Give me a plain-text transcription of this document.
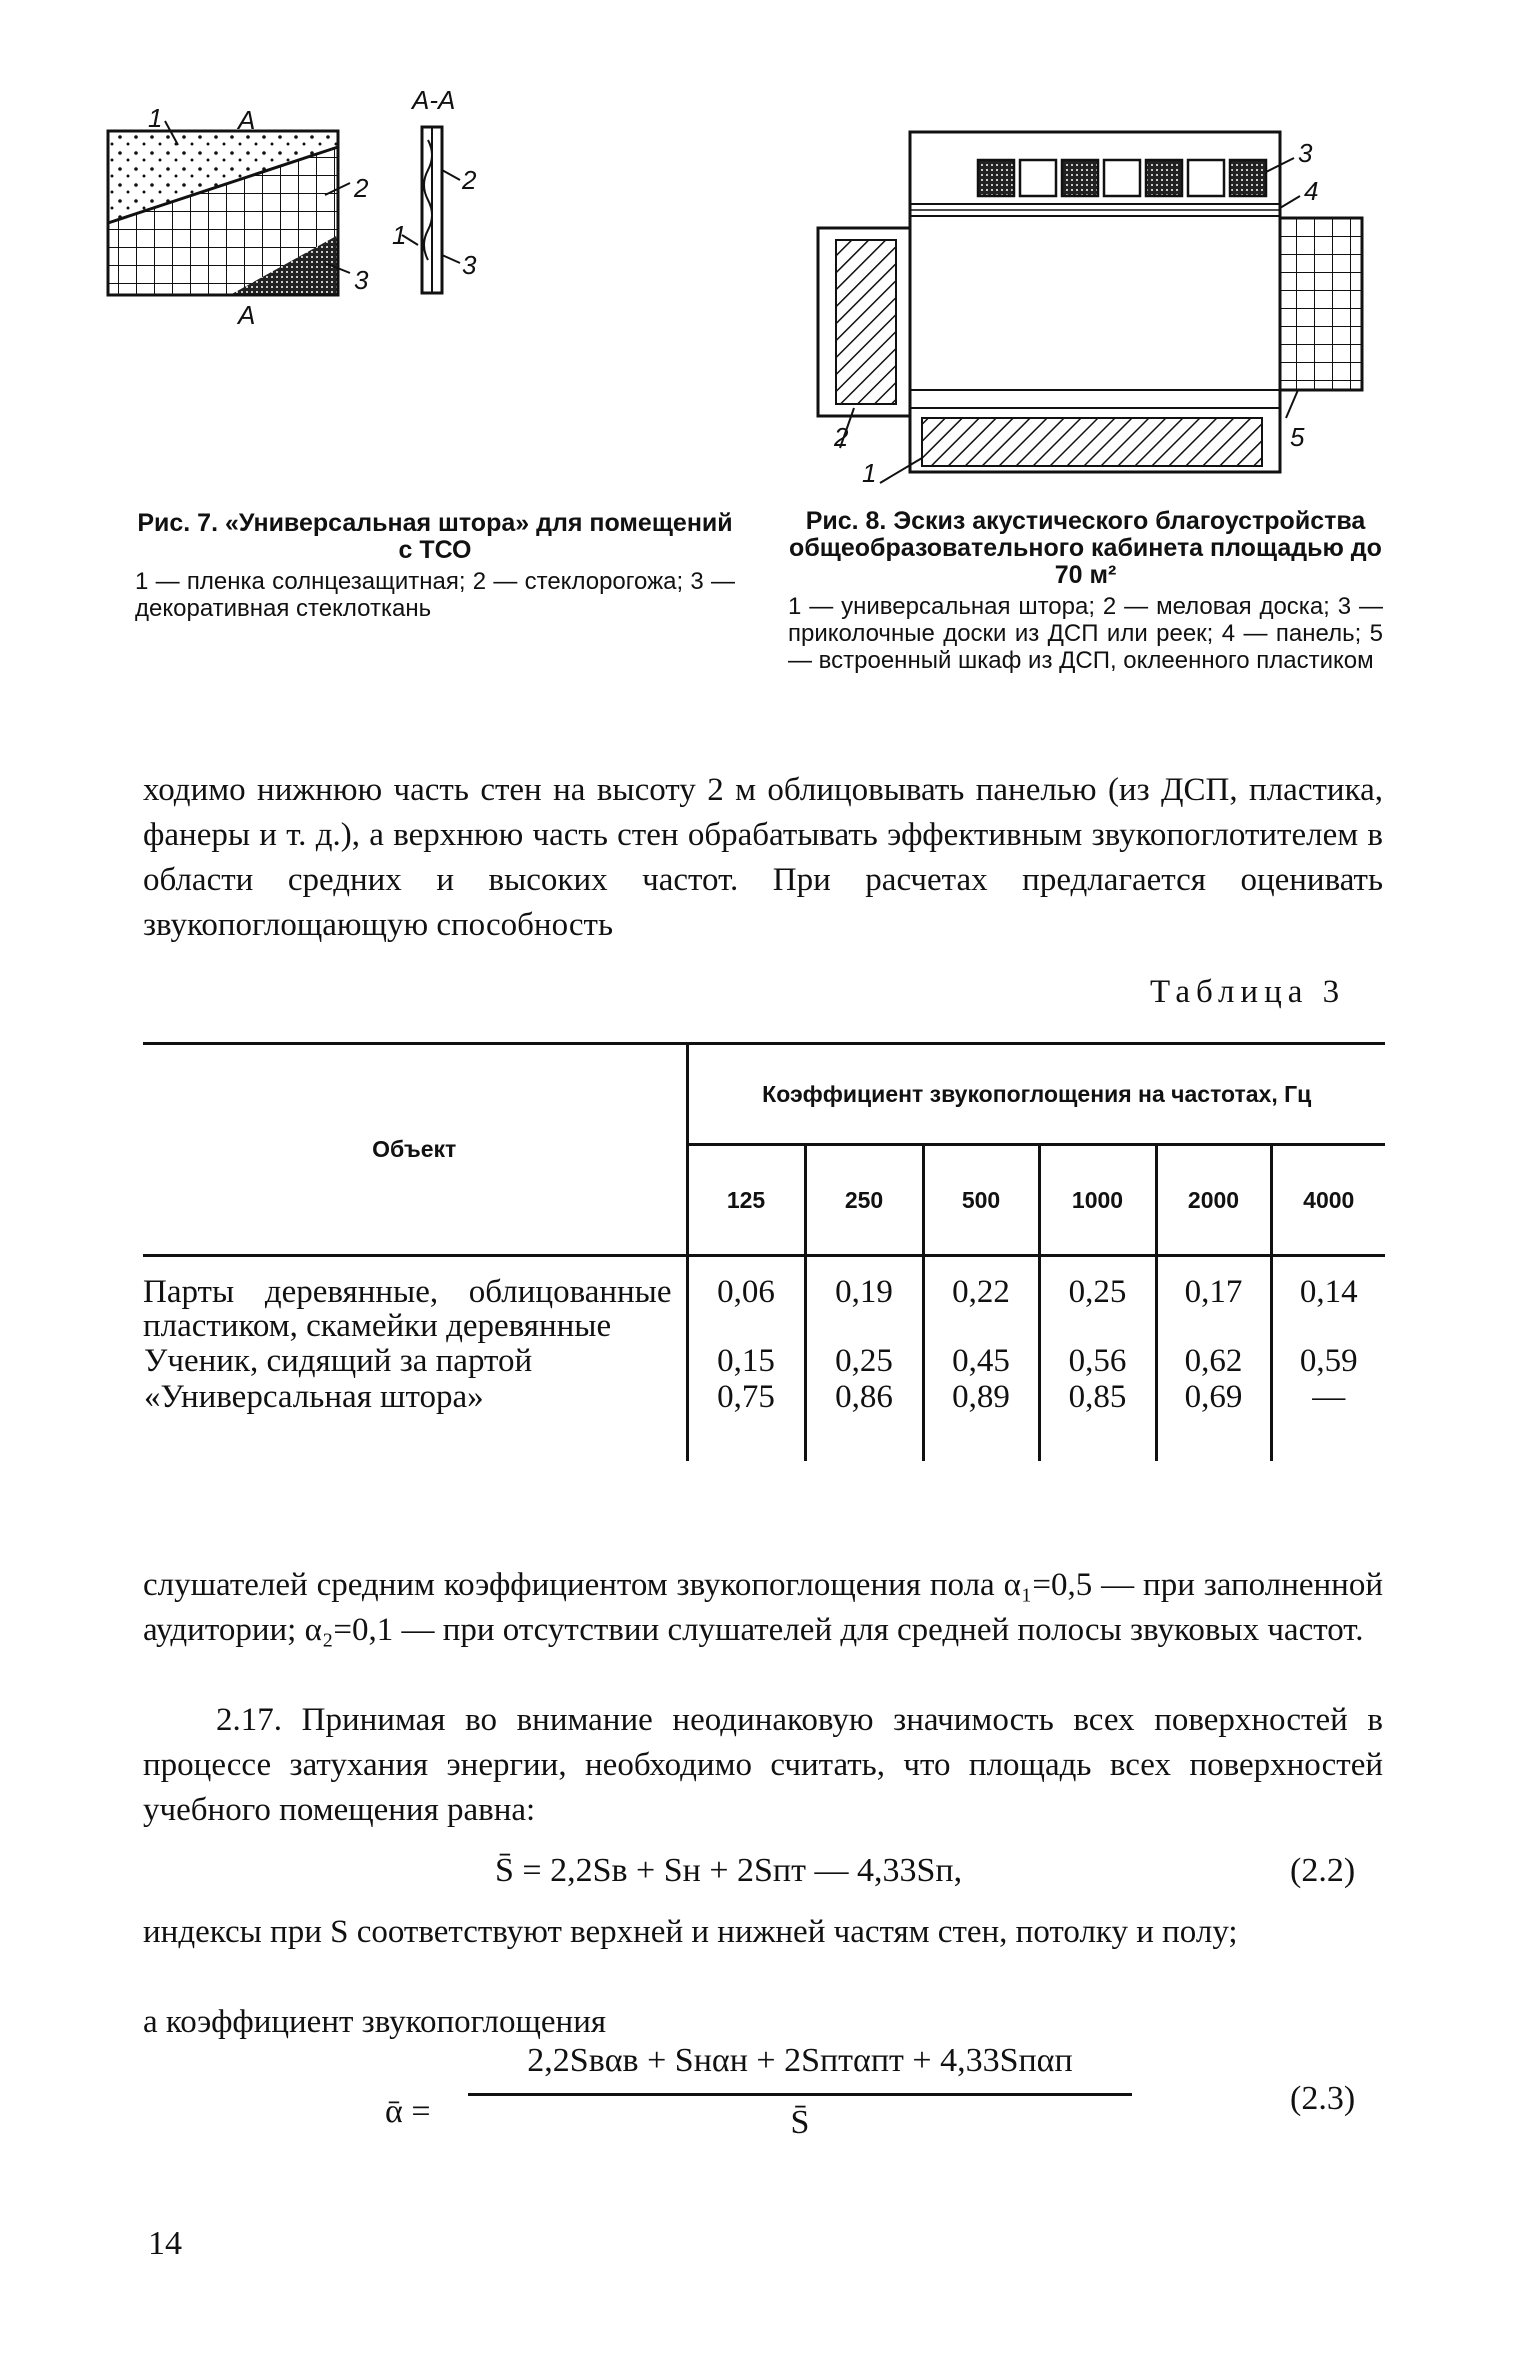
1	A
A
2
3
A-A
2
1
3
Рис. 7. «Универсальная штора» для помещений с ТСО
1 — пленка солнцезащитная; 2 — стеклорогожа; 3 — декоративная стеклоткань
3
4
2	5
1
Рис. 8. Эскиз акустического благоустройства общеобразовательного кабинета площадью до 70 м²
1 — универсальная штора; 2 — меловая доска; 3 — приколочные доски из ДСП или реек; 4 — панель; 5 — встроенный шкаф из ДСП, оклеенного пластиком
ходимо нижнюю часть стен на высоту 2 м облицовывать панелью (из ДСП, пластика, фанеры и т. д.), а верхнюю часть стен обрабатывать эффективным звукопоглотителем в области средних и высоких частот. При расчетах предлагается оценивать звукопоглощающую способность
Таблица 3
Объект	Коэффициент звукопоглощения на частотах, Гц					
	125	250	500	1000	2000	4000
Парты деревянные, облицованные пластиком, скамейки деревянные	0,06	0,19	0,22	0,25	0,17	0,14
Ученик, сидящий за партой	0,15	0,25	0,45	0,56	0,62	0,59
«Универсальная штора»	0,75	0,86	0,89	0,85	0,69	—
слушателей средним коэффициентом звукопоглощения пола α₁=0,5 — при заполненной аудитории; α₂=0,1 — при отсутствии слушателей для средней полосы звуковых частот.
2.17. Принимая во внимание неодинаковую значимость всех поверхностей в процессе затухания энергии, необходимо считать, что площадь всех поверхностей учебного помещения равна:
S̄ = 2,2Sв + Sн + 2Sпт — 4,33Sп,	(2.2)
индексы при S соответствуют верхней и нижней частям стен, потолку и полу;
а коэффициент звукопоглощения
ᾱ =
2,2Sвαв + Sнαн + 2Sптαпт + 4,33Sпαп
S̄
(2.3)
14
